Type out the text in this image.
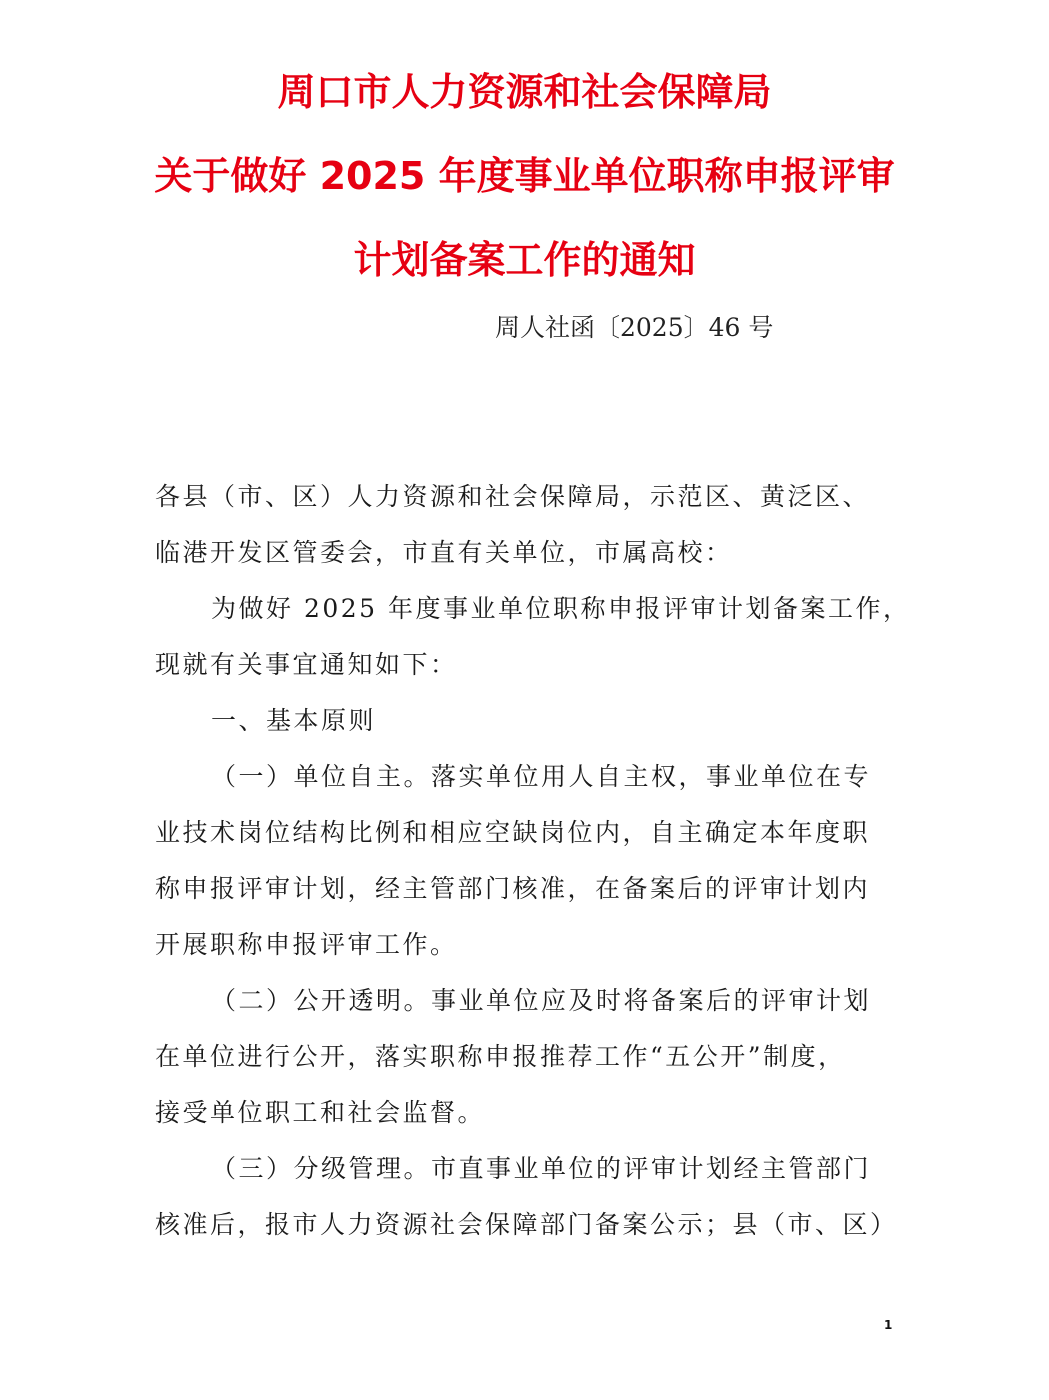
周口市人力资源和社会保障局
关于做好 2025 年度事业单位职称申报评审
计划备案工作的通知
周人社函〔2025〕46 号
各县（市、区）人力资源和社会保障局，示范区、黄泛区、
临港开发区管委会，市直有关单位，市属高校：
为做好 2025 年度事业单位职称申报评审计划备案工作，
现就有关事宜通知如下：
一、基本原则
（一）单位自主。落实单位用人自主权，事业单位在专
业技术岗位结构比例和相应空缺岗位内，自主确定本年度职
称申报评审计划，经主管部门核准，在备案后的评审计划内
开展职称申报评审工作。
（二）公开透明。事业单位应及时将备案后的评审计划
在单位进行公开，落实职称申报推荐工作“五公开”制度，
接受单位职工和社会监督。
（三）分级管理。市直事业单位的评审计划经主管部门
核准后，报市人力资源社会保障部门备案公示；县（市、区）
1
